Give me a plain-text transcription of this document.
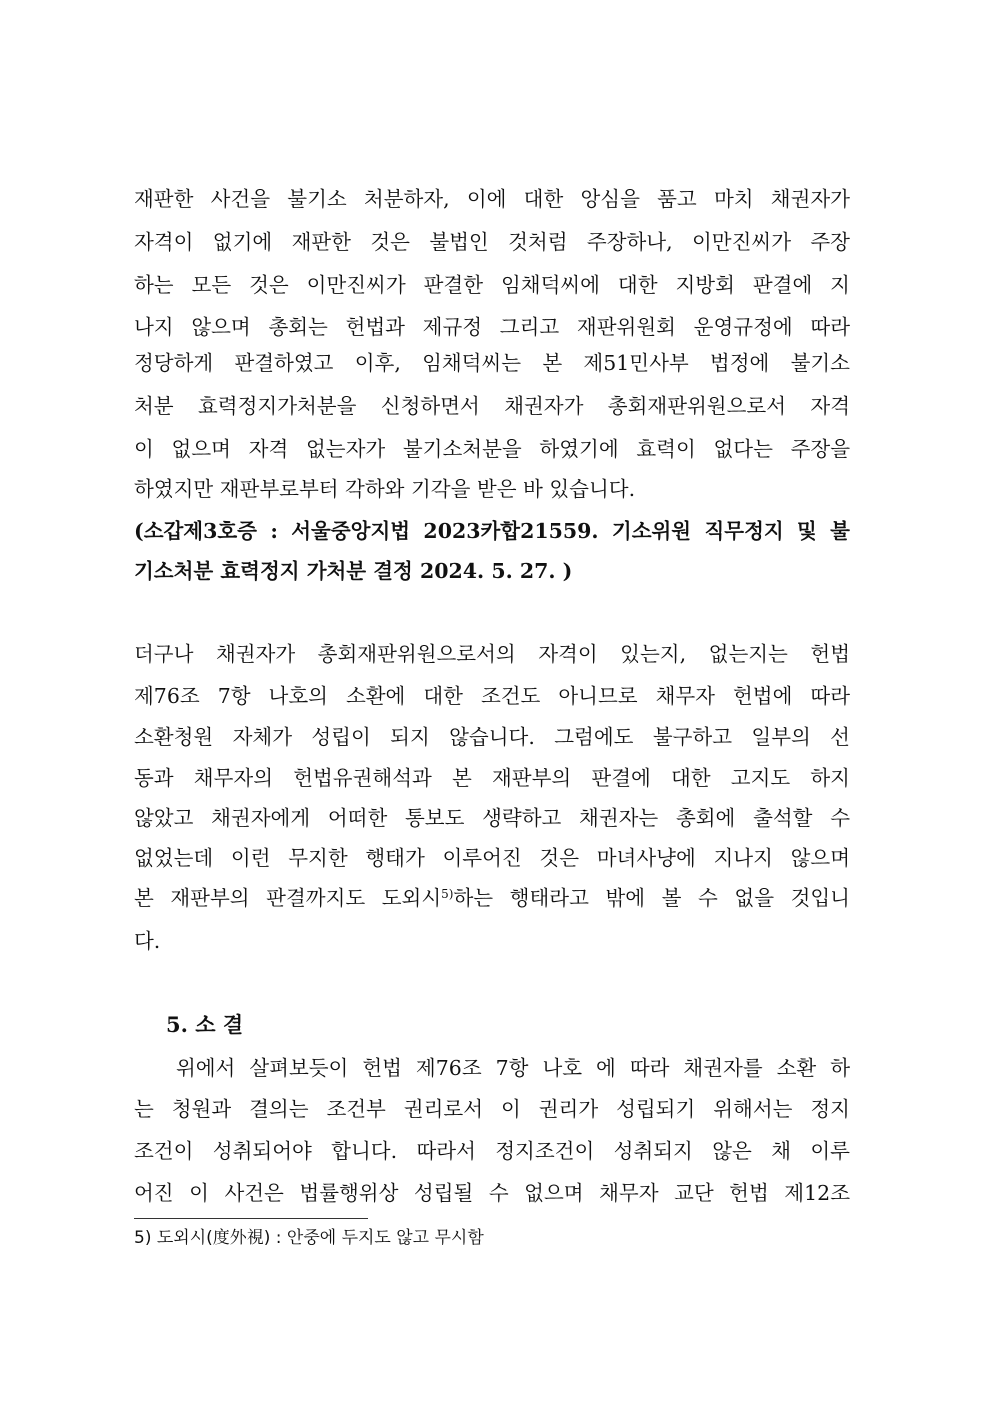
재판한 사건을 불기소 처분하자, 이에 대한 앙심을 품고 마치 채권자가
자격이 없기에 재판한 것은 불법인 것처럼 주장하나, 이만진씨가 주장
하는 모든 것은 이만진씨가 판결한 임채덕씨에 대한 지방회 판결에 지
나지 않으며 총회는 헌법과 제규정 그리고 재판위원회 운영규정에 따라
정당하게 판결하였고 이후, 임채덕씨는 본 제51민사부 법정에 불기소
처분 효력정지가처분을 신청하면서 채권자가 총회재판위원으로서 자격
이 없으며 자격 없는자가 불기소처분을 하였기에 효력이 없다는 주장을
하였지만 재판부로부터 각하와 기각을 받은 바 있습니다.
(소갑제3호증 : 서울중앙지법 2023카합21559. 기소위원 직무정지 및 불
기소처분 효력정지 가처분 결정 2024. 5. 27. )
더구나 채권자가 총회재판위원으로서의 자격이 있는지, 없는지는 헌법
제76조 7항 나호의 소환에 대한 조건도 아니므로 채무자 헌법에 따라
소환청원 자체가 성립이 되지 않습니다. 그럼에도 불구하고 일부의 선
동과 채무자의 헌법유권해석과 본 재판부의 판결에 대한 고지도 하지
않았고 채권자에게 어떠한 통보도 생략하고 채권자는 총회에 출석할 수
없었는데 이런 무지한 행태가 이루어진 것은 마녀사냥에 지나지 않으며
본 재판부의 판결까지도 도외시$^{5)}$하는 행태라고 밖에 볼 수 없을 것입니
다.
5. 소 결
위에서 살펴보듯이 헌법 제76조 7항 나호 에 따라 채권자를 소환 하
는 청원과 결의는 조건부 권리로서 이 권리가 성립되기 위해서는 정지
조건이 성취되어야 합니다. 따라서 정지조건이 성취되지 않은 채 이루
어진 이 사건은 법률행위상 성립될 수 없으며 채무자 교단 헌법 제12조
5) 도외시(度外視) : 안중에 두지도 않고 무시함
